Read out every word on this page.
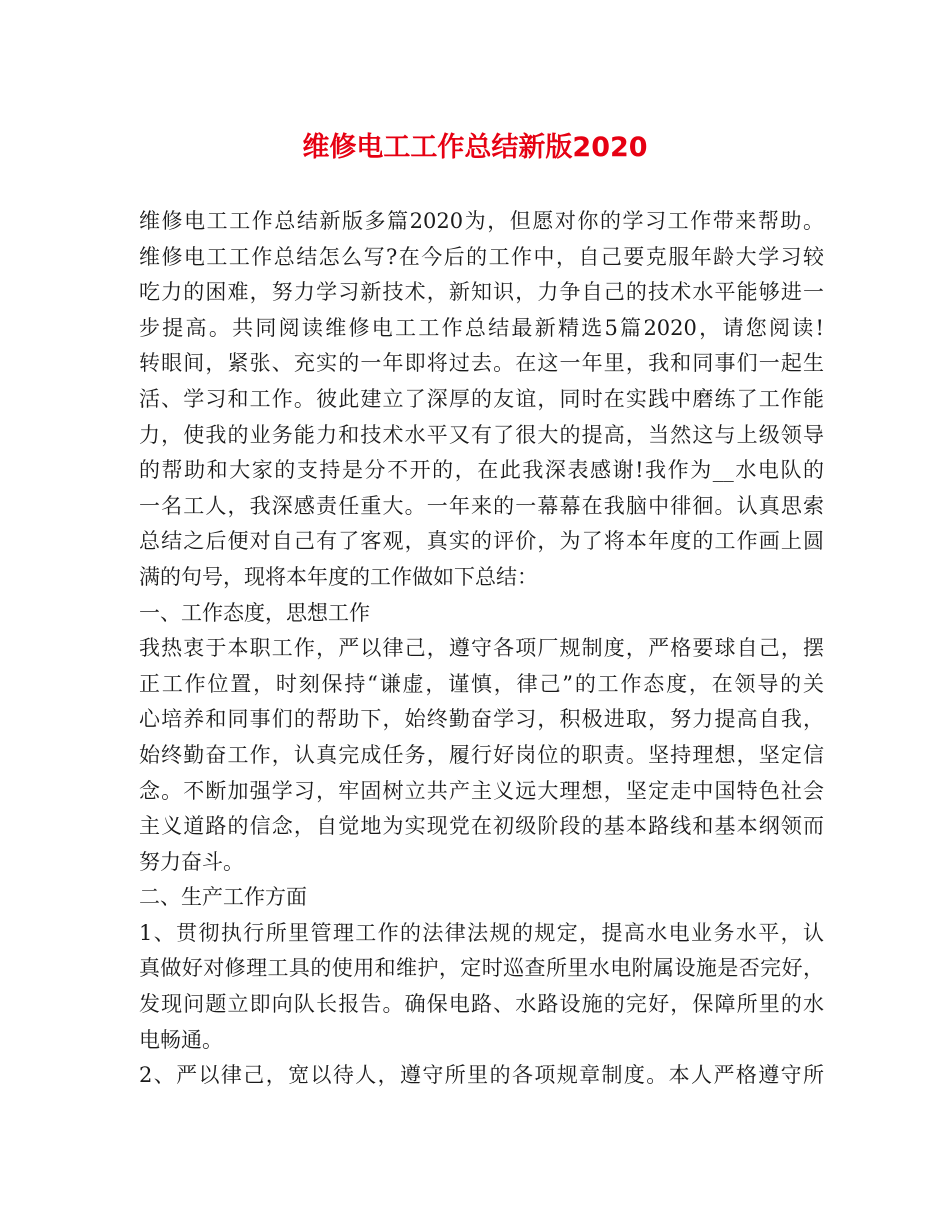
维修电工工作总结新版2020
维修电工工作总结新版多篇2020为，但愿对你的学习工作带来帮助。
维修电工工作总结怎么写?在今后的工作中，自己要克服年龄大学习较
吃力的困难，努力学习新技术，新知识，力争自己的技术水平能够进一
步提高。共同阅读维修电工工作总结最新精选5篇2020，请您阅读!
转眼间，紧张、充实的一年即将过去。在这一年里，我和同事们一起生
活、学习和工作。彼此建立了深厚的友谊，同时在实践中磨练了工作能
力，使我的业务能力和技术水平又有了很大的提高，当然这与上级领导
的帮助和大家的支持是分不开的，在此我深表感谢!我作为__水电队的
一名工人，我深感责任重大。一年来的一幕幕在我脑中徘徊。认真思索
总结之后便对自己有了客观，真实的评价，为了将本年度的工作画上圆
满的句号，现将本年度的工作做如下总结：
一、工作态度，思想工作
我热衷于本职工作，严以律己，遵守各项厂规制度，严格要球自己，摆
正工作位置，时刻保持“谦虚，谨慎，律己”的工作态度，在领导的关
心培养和同事们的帮助下，始终勤奋学习，积极进取，努力提高自我，
始终勤奋工作，认真完成任务，履行好岗位的职责。坚持理想，坚定信
念。不断加强学习，牢固树立共产主义远大理想，坚定走中国特色社会
主义道路的信念，自觉地为实现党在初级阶段的基本路线和基本纲领而
努力奋斗。
二、生产工作方面
1、贯彻执行所里管理工作的法律法规的规定，提高水电业务水平，认
真做好对修理工具的使用和维护，定时巡查所里水电附属设施是否完好，
发现问题立即向队长报告。确保电路、水路设施的完好，保障所里的水
电畅通。
2、严以律己，宽以待人，遵守所里的各项规章制度。本人严格遵守所
